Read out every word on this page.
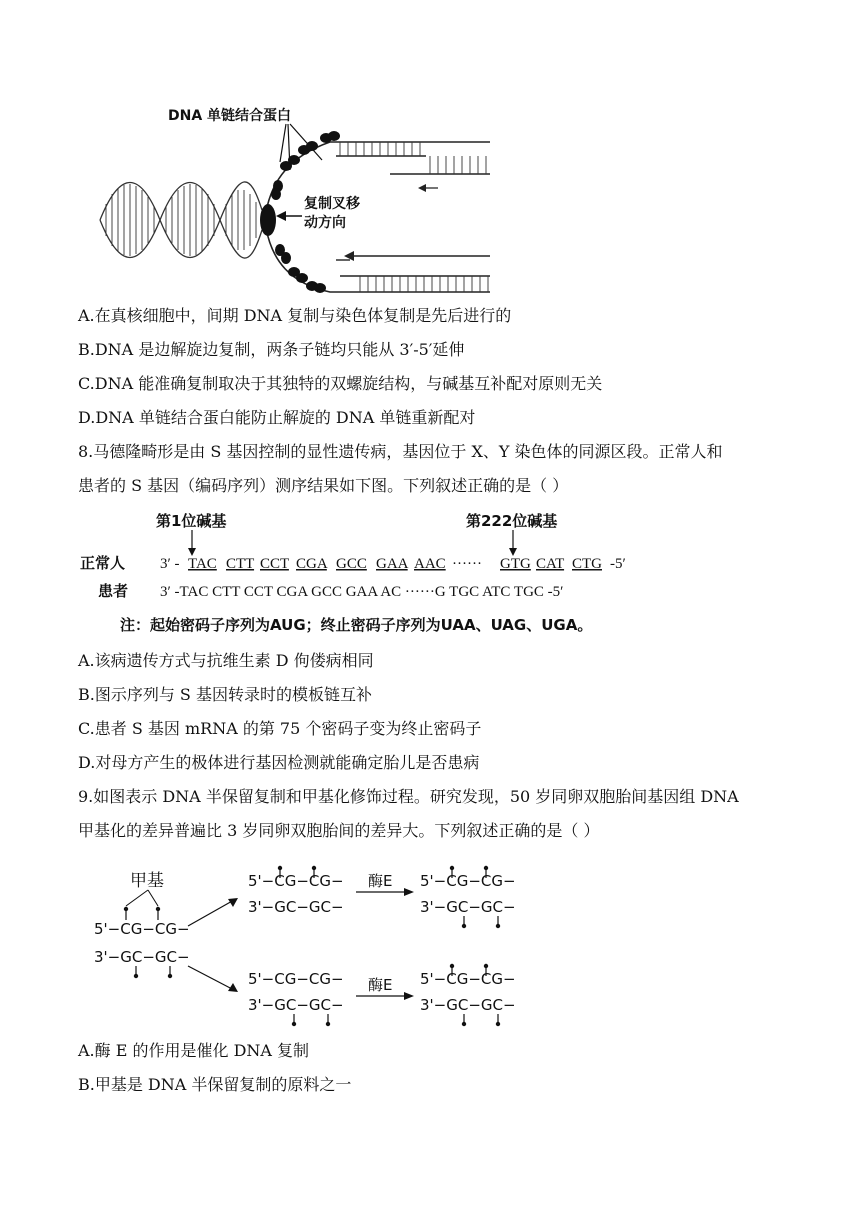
DNA 单链结合蛋白
复制叉移
动方向
A.在真核细胞中，间期 DNA 复制与染色体复制是先后进行的
B.DNA 是边解旋边复制，两条子链均只能从 3′-5′延伸
C.DNA 能准确复制取决于其独特的双螺旋结构，与碱基互补配对原则无关
D.DNA 单链结合蛋白能防止解旋的 DNA 单链重新配对
8.马德隆畸形是由 S 基因控制的显性遗传病，基因位于 X、Y 染色体的同源区段。正常人和
患者的 S 基因（编码序列）测序结果如下图。下列叙述正确的是（ ）
第1位碱基	第222位碱基
正常人 3′ - TAC CTT CCT CGA GCC GAA AAC ······ GTG CAT CTG -5′
患者 3′ -TAC CTT CCT CGA GCC GAA AC ······G TGC ATC TGC -5′
注：起始密码子序列为AUG；终止密码子序列为UAA、UAG、UGA。
A.该病遗传方式与抗维生素 D 佝偻病相同
B.图示序列与 S 基因转录时的模板链互补
C.患者 S 基因 mRNA 的第 75 个密码子变为终止密码子
D.对母方产生的极体进行基因检测就能确定胎儿是否患病
9.如图表示 DNA 半保留复制和甲基化修饰过程。研究发现，50 岁同卵双胞胎间基因组 DNA
甲基化的差异普遍比 3 岁同卵双胞胎间的差异大。下列叙述正确的是（ ）
甲基
5'−CG−CG−
3'−GC−GC−
5'−CG−CG−
3'−GC−GC−
酶E 5'−CG−CG−
3'−GC−GC−
5'−CG−CG−
3'−GC−GC−
酶E 5'−CG−CG−
3'−GC−GC−
A.酶 E 的作用是催化 DNA 复制
B.甲基是 DNA 半保留复制的原料之一
